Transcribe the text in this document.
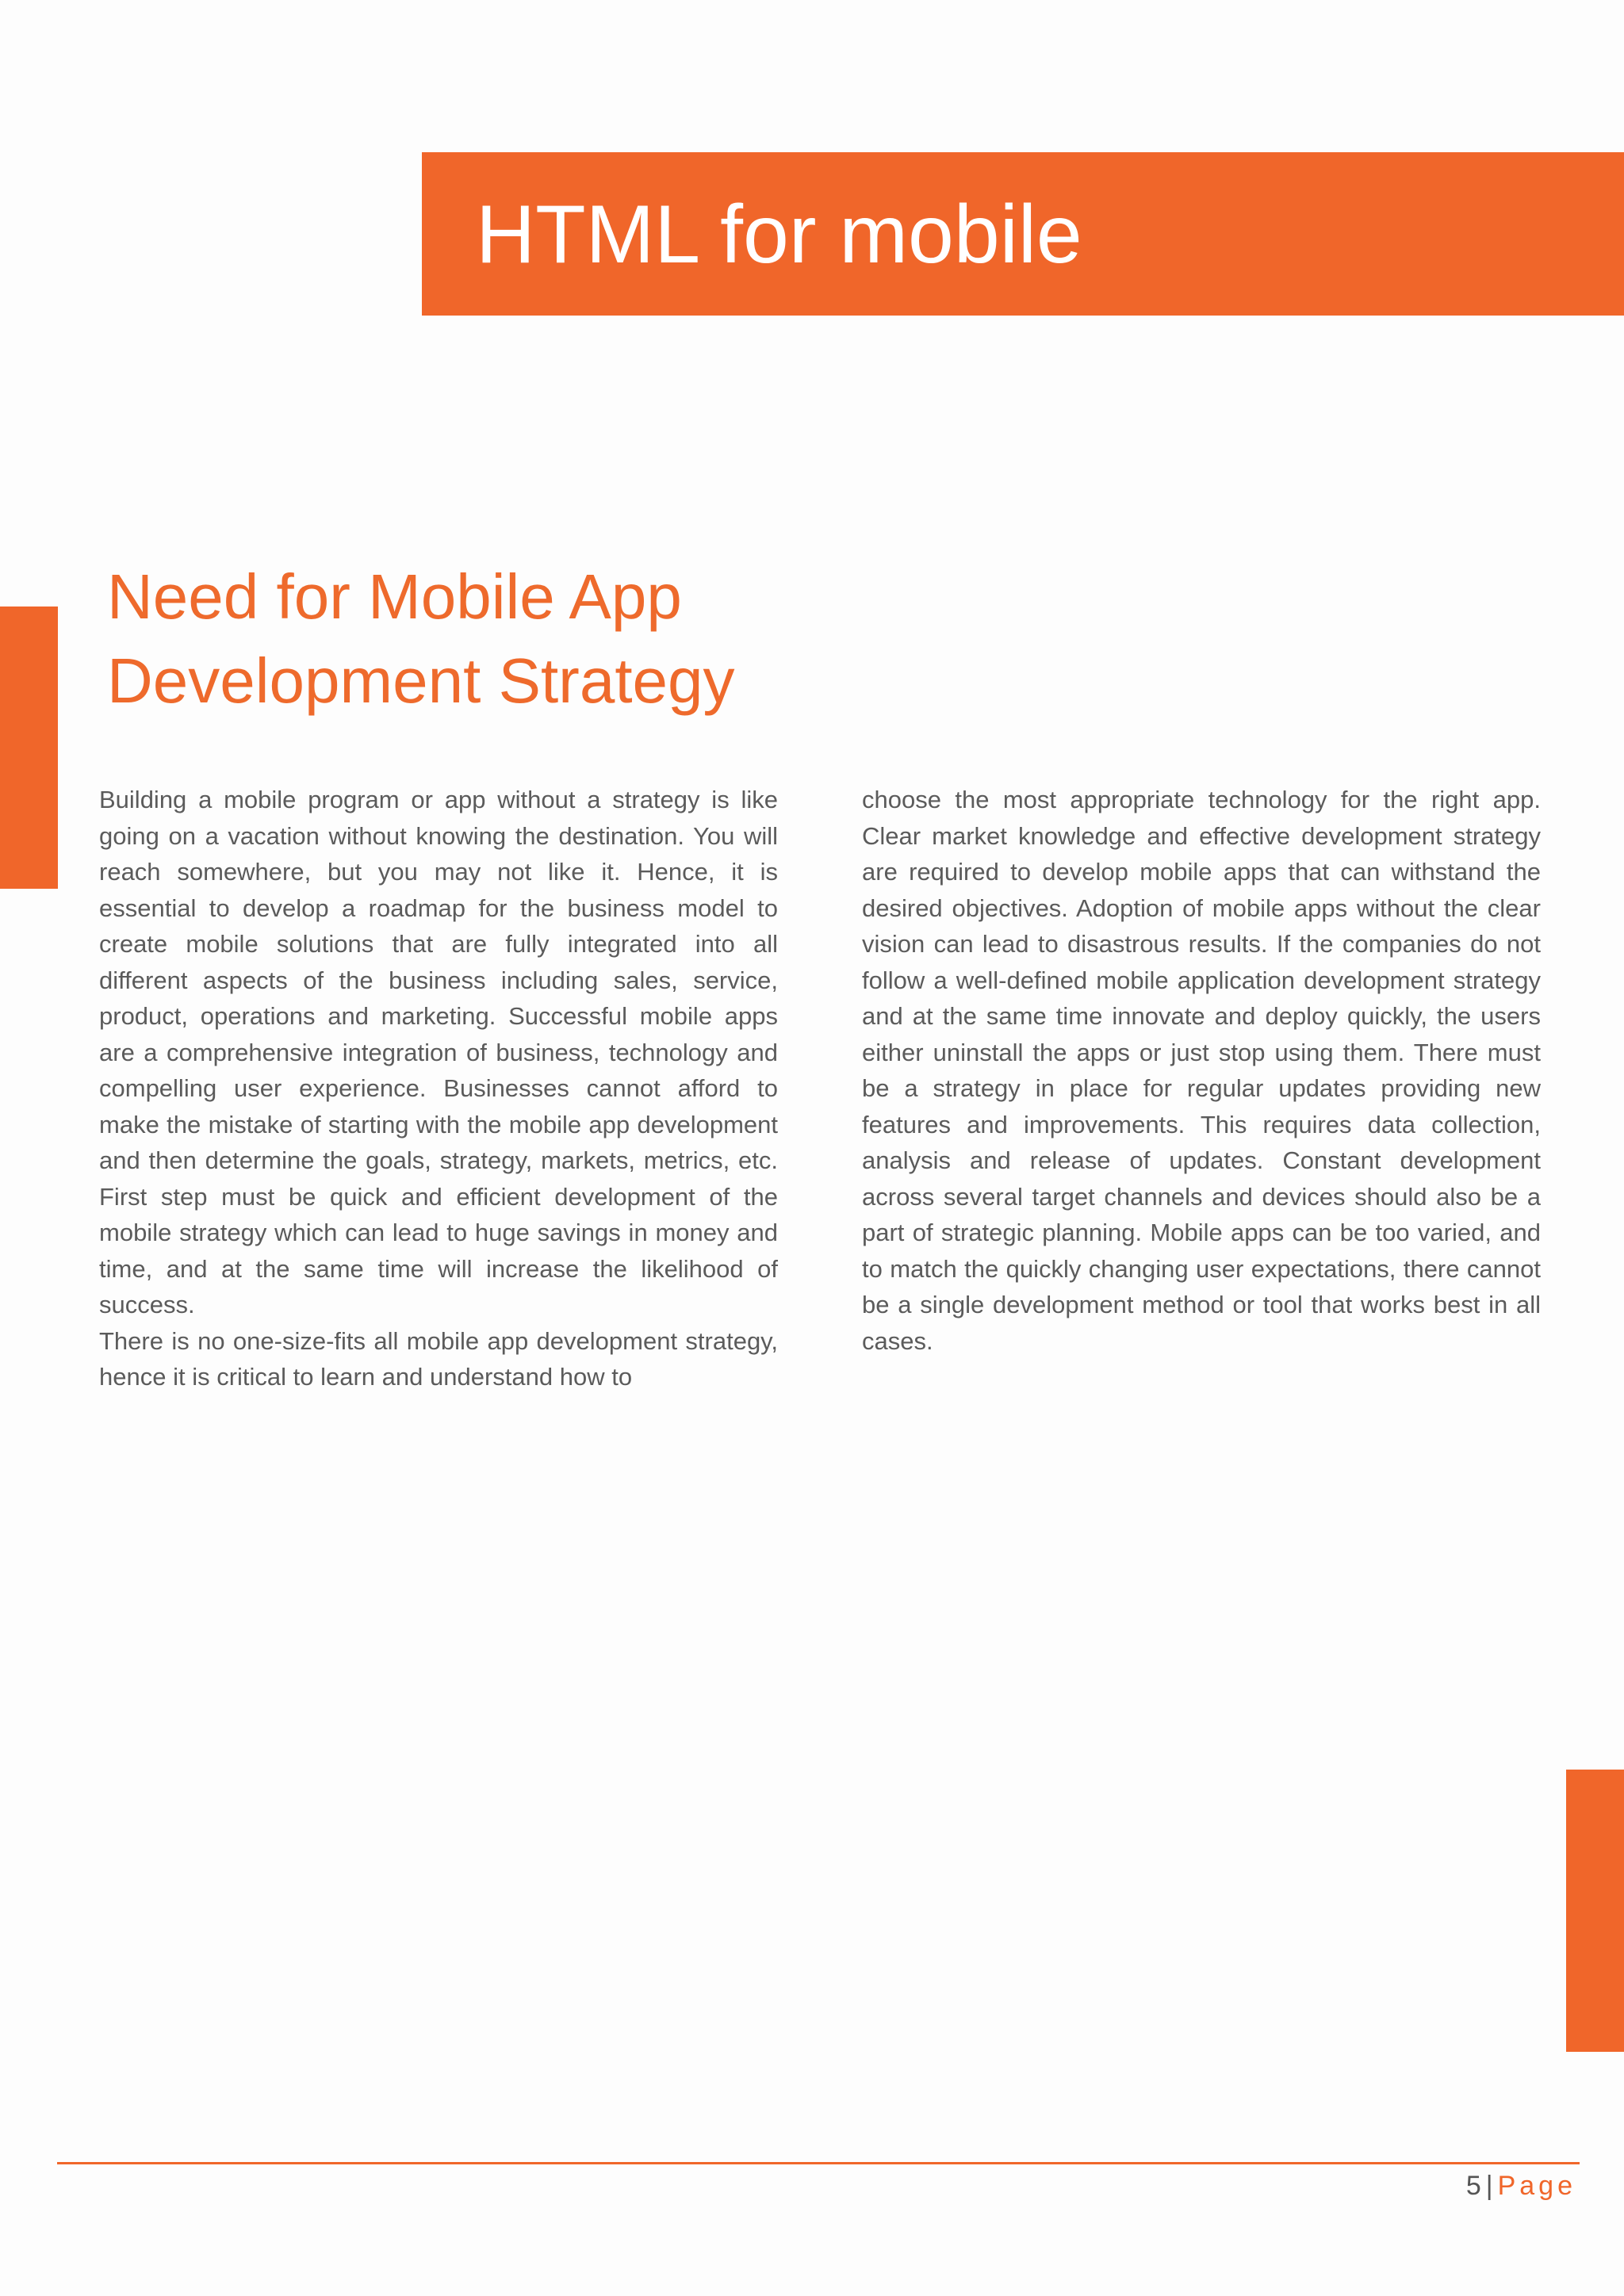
HTML for mobile
Need for Mobile App Development Strategy

Building a mobile program or app without a strategy is like going on a vacation without knowing the destination. You will reach somewhere, but you may not like it. Hence, it is essential to develop a roadmap for the business model to create mobile solutions that are fully integrated into all different aspects of the business including sales, service, product, operations and marketing. Successful mobile apps are a comprehensive integration of business, technology and compelling user experience. Businesses cannot afford to make the mistake of starting with the mobile app development and then determine the goals, strategy, markets, metrics, etc. First step must be quick and efficient development of the mobile strategy which can lead to huge savings in money and time, and at the same time will increase the likelihood of success.

There is no one-size-fits all mobile app development strategy, hence it is critical to learn and understand how to

choose the most appropriate technology for the right app. Clear market knowledge and effective development strategy are required to develop mobile apps that can withstand the desired objectives. Adoption of mobile apps without the clear vision can lead to disastrous results. If the companies do not follow a well-defined mobile application development strategy and at the same time innovate and deploy quickly, the users either uninstall the apps or just stop using them. There must be a strategy in place for regular updates providing new features and improvements. This requires data collection, analysis and release of updates. Constant development across several target channels and devices should also be a part of strategic planning. Mobile apps can be too varied, and to match the quickly changing user expectations, there cannot be a single development method or tool that works best in all cases.

5 | Page
